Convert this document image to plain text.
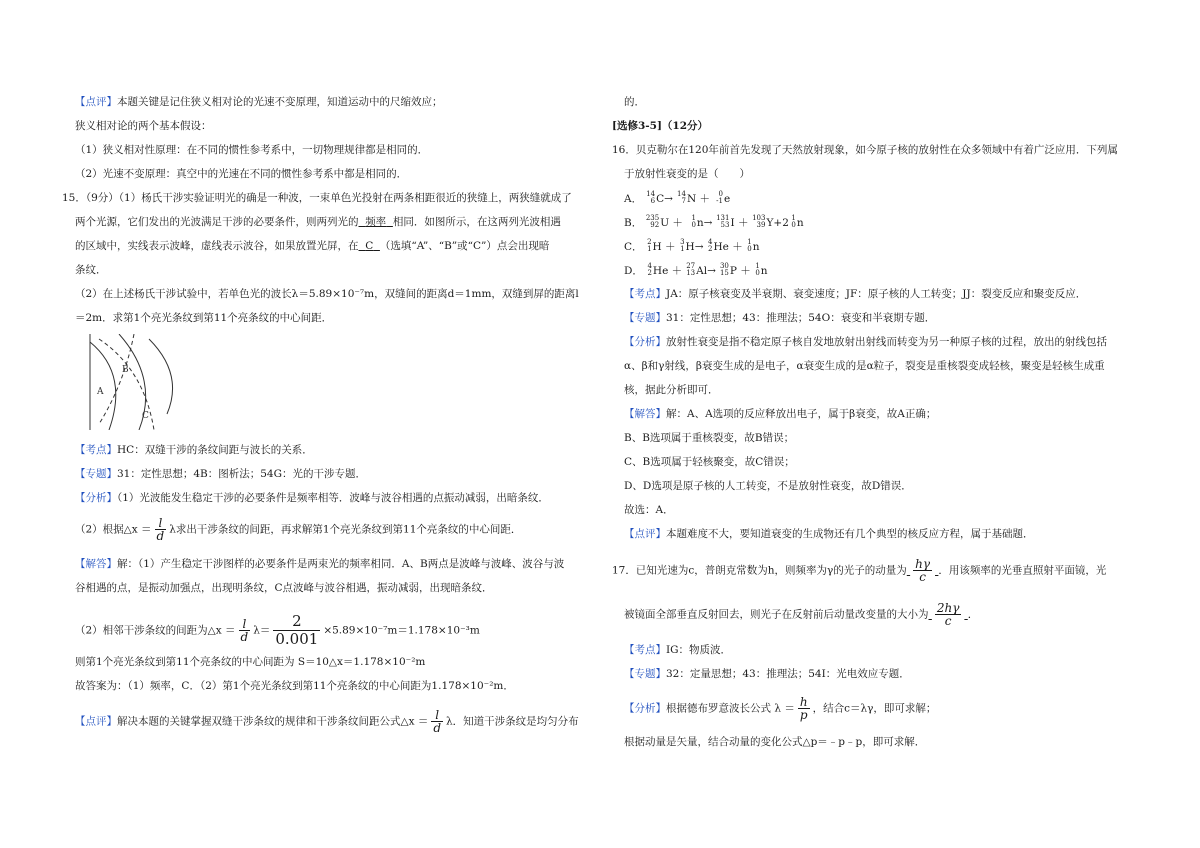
【点评】本题关键是记住狭义相对论的光速不变原理，知道运动中的尺缩效应；
狭义相对论的两个基本假设：
（1）狭义相对性原理：在不同的惯性参考系中，一切物理规律都是相同的．
（2）光速不变原理：真空中的光速在不同的惯性参考系中都是相同的．
15．（9分）（1）杨氏干涉实验证明光的确是一种波，一束单色光投射在两条相距很近的狭缝上，两狭缝就成了
两个光源，它们发出的光波满足干涉的必要条件，则两列光的 频率 相同．如图所示，在这两列光波相遇
的区域中，实线表示波峰，虚线表示波谷，如果放置光屏，在 C （选填“A”、“B”或“C”）点会出现暗
条纹．
（2）在上述杨氏干涉试验中，若单色光的波长λ＝5.89×10⁻⁷m，双缝间的距离d＝1mm，双缝到屏的距离l
＝2m．求第1个亮光条纹到第11个亮条纹的中心间距．
A
B
C
【考点】HC：双缝干涉的条纹间距与波长的关系．
【专题】31：定性思想；4B：图析法；54G：光的干涉专题．
【分析】（1）光波能发生稳定干涉的必要条件是频率相等．波峰与波谷相遇的点振动减弱，出暗条纹．
（2）根据△x ＝ $\frac{l}{d}$ λ求出干涉条纹的间距，再求解第1个亮光条纹到第11个亮条纹的中心间距．
【解答】解：（1）产生稳定干涉图样的必要条件是两束光的频率相同．A、B两点是波峰与波峰、波谷与波
谷相遇的点，是振动加强点，出现明条纹，C点波峰与波谷相遇，振动减弱，出现暗条纹．
（2）相邻干涉条纹的间距为△x ＝ $\frac{l}{d} \lambda= \frac{2}{0.001} \times 5.89\times 10^{-7}m=1.178\times 10^{-3}m$
则第1个亮光条纹到第11个亮条纹的中心间距为 S＝10△x＝1.178×10⁻²m
故答案为：（1）频率，C．（2）第1个亮光条纹到第11个亮条纹的中心间距为1.178×10⁻²m．
【点评】解决本题的关键掌握双缝干涉条纹的规律和干涉条纹间距公式△x ＝ $\frac{l}{d}$ λ．知道干涉条纹是均匀分布
的．
[选修3-5]（12分）
16．贝克勒尔在120年前首先发现了天然放射现象，如今原子核的放射性在众多领域中有着广泛应用．下列属
于放射性衰变的是（　　）
A． 14
6 C→ 14
7 N ＋ 0
-1 e
B． 235
92 U ＋ 1
0 n→ 131
53 I ＋ 103
39 Y+2 1
0 n
C． 2
1 H ＋ 3
1 H→ 4
2 He ＋ 1
0 n
D． 4
2 He ＋ 27
13 Al→ 30
15 P ＋ 1
0 n
【考点】JA：原子核衰变及半衰期、衰变速度；JF：原子核的人工转变；JJ：裂变反应和聚变反应．
【专题】31：定性思想；43：推理法；54O：衰变和半衰期专题．
【分析】放射性衰变是指不稳定原子核自发地放射出射线而转变为另一种原子核的过程，放出的射线包括
α、β和γ射线，β衰变生成的是电子，α衰变生成的是α粒子，裂变是重核裂变成轻核，聚变是轻核生成重
核，据此分析即可．
【解答】解：A、A选项的反应释放出电子，属于β衰变，故A正确；
B、B选项属于重核裂变，故B错误；
C、B选项属于轻核聚变，故C错误；
D、D选项是原子核的人工转变，不是放射性衰变，故D错误．
故选：A．
【点评】本题难度不大，要知道衰变的生成物还有几个典型的核反应方程，属于基础题．
17．已知光速为c，普朗克常数为h，则频率为γ的光子的动量为 $\frac{h\gamma}{c}$ ．用该频率的光垂直照射平面镜，光
被镜面全部垂直反射回去，则光子在反射前后动量改变量的大小为 $\frac{2h\gamma}{c}$ ．
【考点】IG：物质波．
【专题】32：定量思想；43：推理法；54I：光电效应专题．
【分析】根据德布罗意波长公式 $\lambda = \frac{h}{p}$ ，结合c＝λγ，即可求解；
根据动量是矢量，结合动量的变化公式△p＝﹣p﹣p，即可求解．
